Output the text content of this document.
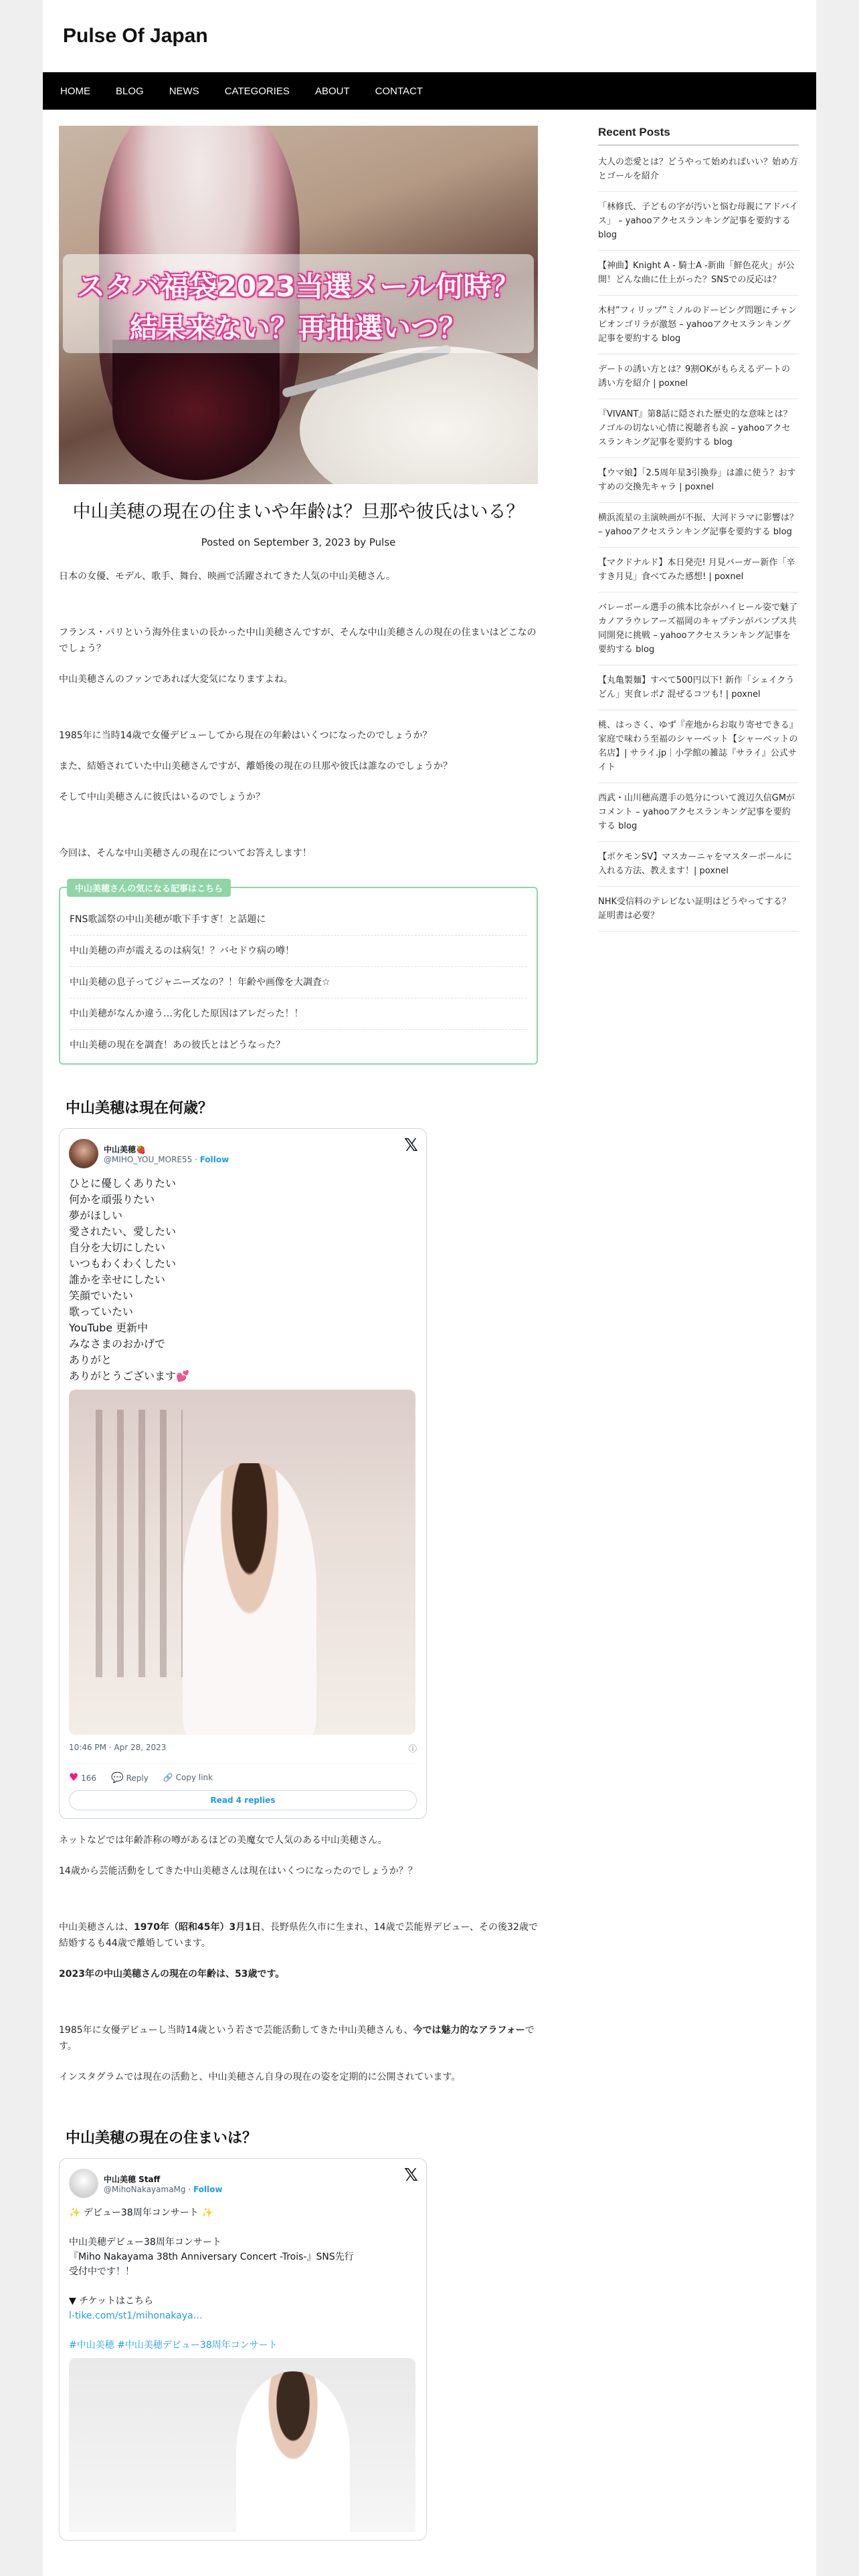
Pulse Of Japan
HOME	BLOG	NEWS	CATEGORIES	ABOUT	CONTACT
スタバ福袋2023当選メール何時？
結果来ない？再抽選いつ？
中山美穂の現在の住まいや年齢は？旦那や彼氏はいる？
Posted on September 3, 2023 by Pulse

日本の女優、モデル、歌手、舞台、映画で活躍されてきた人気の中山美穂さん。

フランス・パリという海外住まいの長かった中山美穂さんですが、そんな中山美穂さんの現在の住まいはどこなのでしょう？

中山美穂さんのファンであれば大変気になりますよね。

1985年に当時14歳で女優デビューしてから現在の年齢はいくつになったのでしょうか？

また、結婚されていた中山美穂さんですが、離婚後の現在の旦那や彼氏は誰なのでしょうか？

そして中山美穂さんに彼氏はいるのでしょうか？

今回は、そんな中山美穂さんの現在についてお答えします！

中山美穂さんの気になる記事はこちら
FNS歌謡祭の中山美穂が歌下手すぎ！と話題に
中山美穂の声が震えるのは病気！？バセドウ病の噂！
中山美穂の息子ってジャニーズなの？！年齢や画像を大調査☆
中山美穂がなんか違う…劣化した原因はアレだった！！
中山美穂の現在を調査！あの彼氏とはどうなった？
中山美穂は現在何歳？
中山美穂🍓
@MIHO_YOU_MORE55 · Follow
𝕏
ひとに優しくありたい
何かを頑張りたい
夢がほしい
愛されたい、愛したい
自分を大切にしたい
いつもわくわくしたい
誰かを幸せにしたい
笑顔でいたい
歌っていたい
YouTube 更新中
みなさまのおかげで
ありがと
ありがとうございます💕
10:46 PM · Apr 28, 2023	ⓘ
♥ 166 💬 Reply 🔗 Copy link
Read 4 replies

ネットなどでは年齢詐称の噂があるほどの美魔女で人気のある中山美穂さん。

14歳から芸能活動をしてきた中山美穂さんは現在はいくつになったのでしょうか？？

中山美穂さんは、1970年（昭和45年）3月1日、長野県佐久市に生まれ、14歳で芸能界デビュー、その後32歳で結婚するも44歳で離婚しています。

2023年の中山美穂さんの現在の年齢は、53歳です。

1985年に女優デビューし当時14歳という若さで芸能活動してきた中山美穂さんも、今では魅力的なアラフォーです。

インスタグラムでは現在の活動と、中山美穂さん自身の現在の姿を定期的に公開されています。

中山美穂の現在の住まいは？
中山美穂 Staff
@MihoNakayamaMg · Follow
𝕏
✨ デビュー38周年コンサート ✨
中山美穂デビュー38周年コンサート
『Miho Nakayama 38th Anniversary Concert -Trois-』SNS先行
受付中です！！
▼ チケットはこちら
l-tike.com/st1/mihonakaya…
#中山美穂 #中山美穂デビュー38周年コンサート
Recent Posts
大人の恋愛とは？どうやって始めればいい？始め方とゴールを紹介
「林修氏、子どもの字が汚いと悩む母親にアドバイス」 – yahooアクセスランキング記事を要約する blog
【神曲】Knight A - 騎士A -新曲「鮮色花火」が公開！どんな曲に仕上がった？SNSでの反応は？
木村”フィリップ”ミノルのドーピング問題にチャンピオンゴリラが激怒 – yahooアクセスランキング記事を要約する blog
デートの誘い方とは？9割OKがもらえるデートの誘い方を紹介 | poxnel
『VIVANT』第8話に隠された歴史的な意味とは？ノゴルの切ない心情に視聴者も涙 – yahooアクセスランキング記事を要約する blog
【ウマ娘】「2.5周年星3引換券」は誰に使う？おすすめの交換先キャラ | poxnel
横浜流星の主演映画が不振、大河ドラマに影響は？ – yahooアクセスランキング記事を要約する blog
【マクドナルド】本日発売! 月見バーガー新作「辛すき月見」食べてみた感想! | poxnel
バレーボール選手の熊本比奈がハイヒール姿で魅了　カノアラウレアーズ福岡のキャプテンがパンプス共同開発に挑戦 – yahooアクセスランキング記事を要約する blog
【丸亀製麺】すべて500円以下! 新作「シェイクうどん」実食レポ♪ 混ぜるコツも! | poxnel
桃、はっさく、ゆず『産地からお取り寄せできる』家庭で味わう至福のシャーベット【シャーベットの名店】| サライ.jp｜小学館の雑誌『サライ』公式サイト
西武・山川穂高選手の処分について渡辺久信GMがコメント – yahooアクセスランキング記事を要約する blog
【ポケモンSV】マスカーニャをマスターボールに入れる方法、教えます！| poxnel
NHK受信料のテレビない証明はどうやってする？ 証明書は必要？
